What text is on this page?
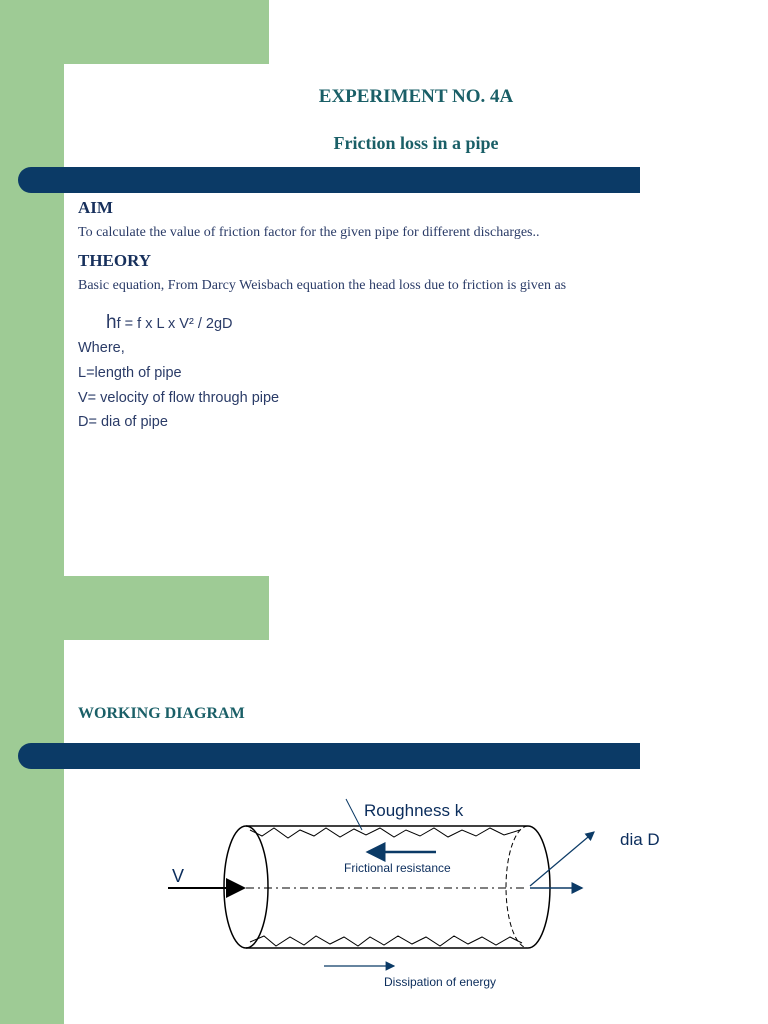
EXPERIMENT NO. 4A
Friction loss in a pipe
AIM

To calculate the value of friction factor for the given pipe for different discharges..

THEORY

Basic equation, From Darcy Weisbach equation the head loss due to friction is given as

hf = f x L x V² / 2gD

Where,

L=length of pipe

V= velocity of flow through pipe

D= dia of pipe

WORKING DIAGRAM
Roughness k
Frictional resistance
V
dia D
Dissipation of energy
